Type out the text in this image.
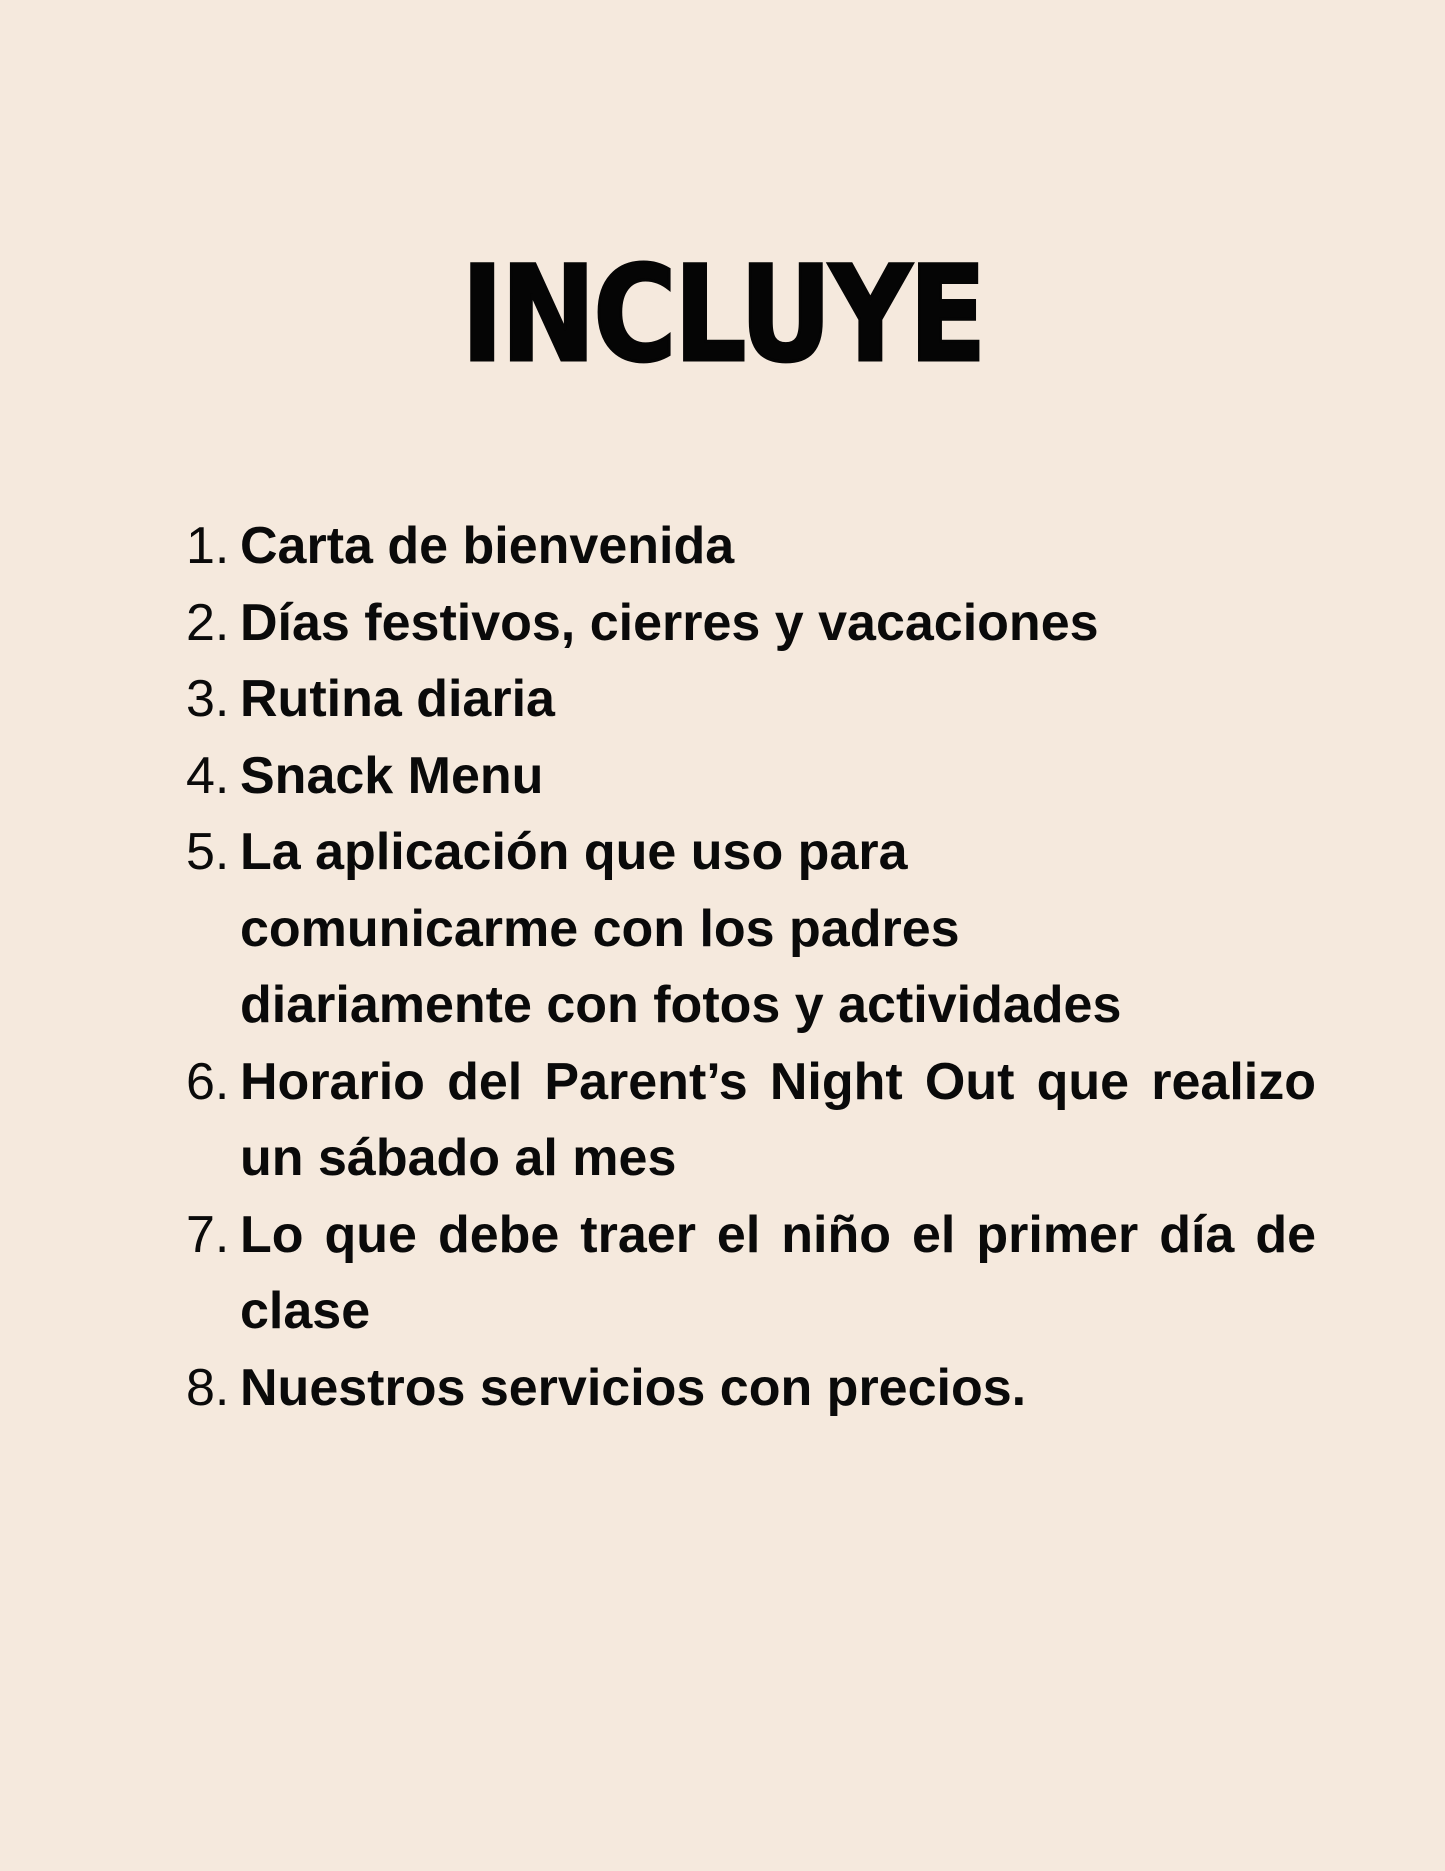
INCLUYE
1. Carta de bienvenida
2. Días festivos, cierres y vacaciones
3. Rutina diaria
4. Snack Menu
5. La aplicación que uso para
comunicarme con los padres
diariamente con fotos y actividades
6. Horario del Parent’s Night Out que realizo un sábado al mes
7. Lo que debe traer el niño el primer día de clase
8. Nuestros servicios con precios.
